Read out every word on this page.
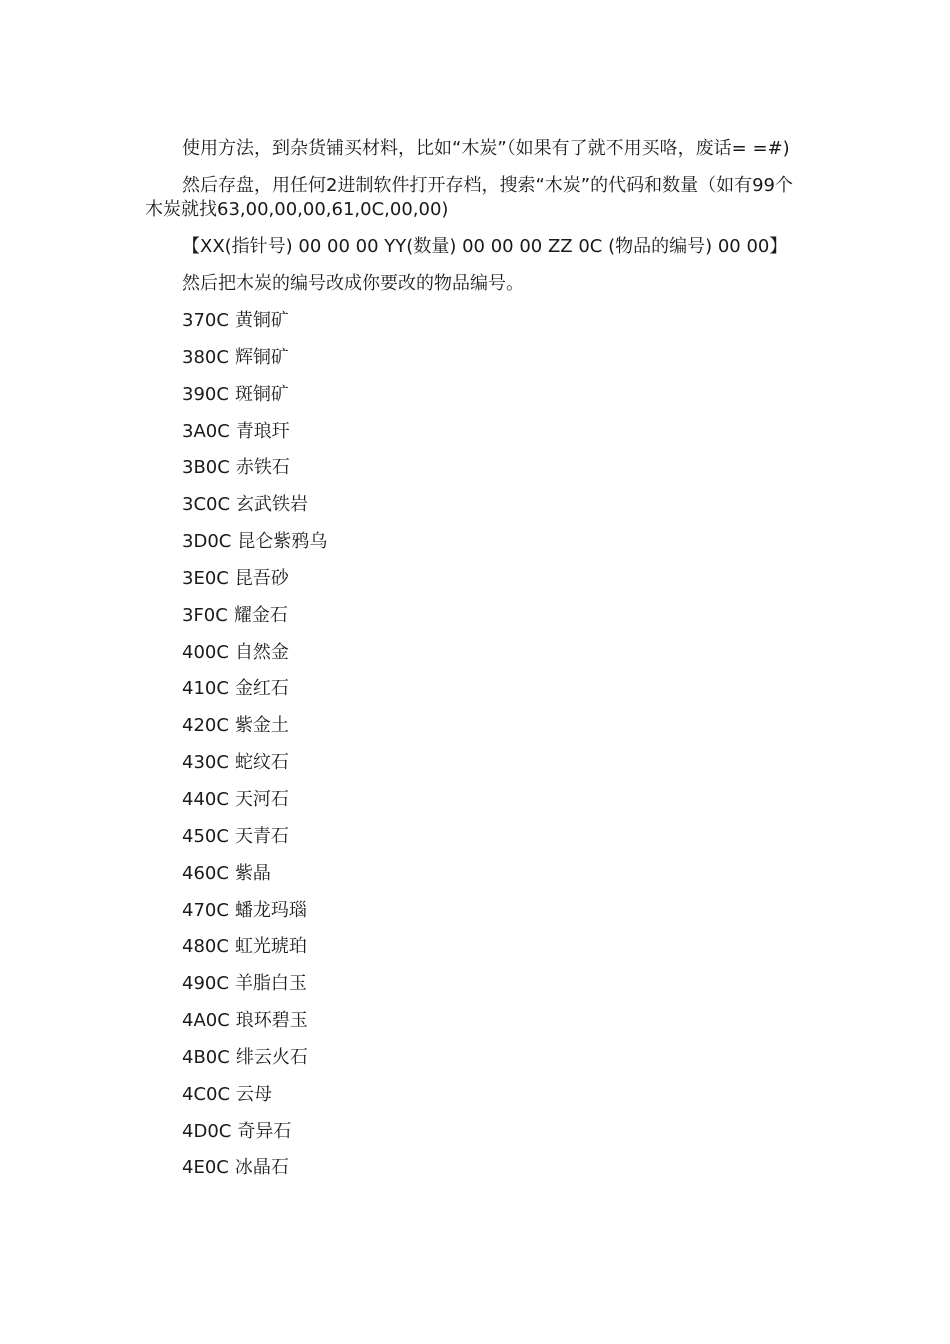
使用方法，到杂货铺买材料，比如“木炭”（如果有了就不用买咯，废话= =#)

然后存盘，用任何2进制软件打开存档，搜索“木炭”的代码和数量（如有99个木炭就找63,00,00,00,61,0C,00,00)

【XX(指针号) 00 00 00 YY(数量) 00 00 00 ZZ 0C (物品的编号) 00 00】

然后把木炭的编号改成你要改的物品编号。

370C 黄铜矿
380C 辉铜矿
390C 斑铜矿
3A0C 青琅玕
3B0C 赤铁石
3C0C 玄武铁岩
3D0C 昆仑紫鸦乌
3E0C 昆吾砂
3F0C 耀金石
400C 自然金
410C 金红石
420C 紫金土
430C 蛇纹石
440C 天河石
450C 天青石
460C 紫晶
470C 蟠龙玛瑙
480C 虹光琥珀
490C 羊脂白玉
4A0C 琅环碧玉
4B0C 绯云火石
4C0C 云母
4D0C 奇异石
4E0C 冰晶石
